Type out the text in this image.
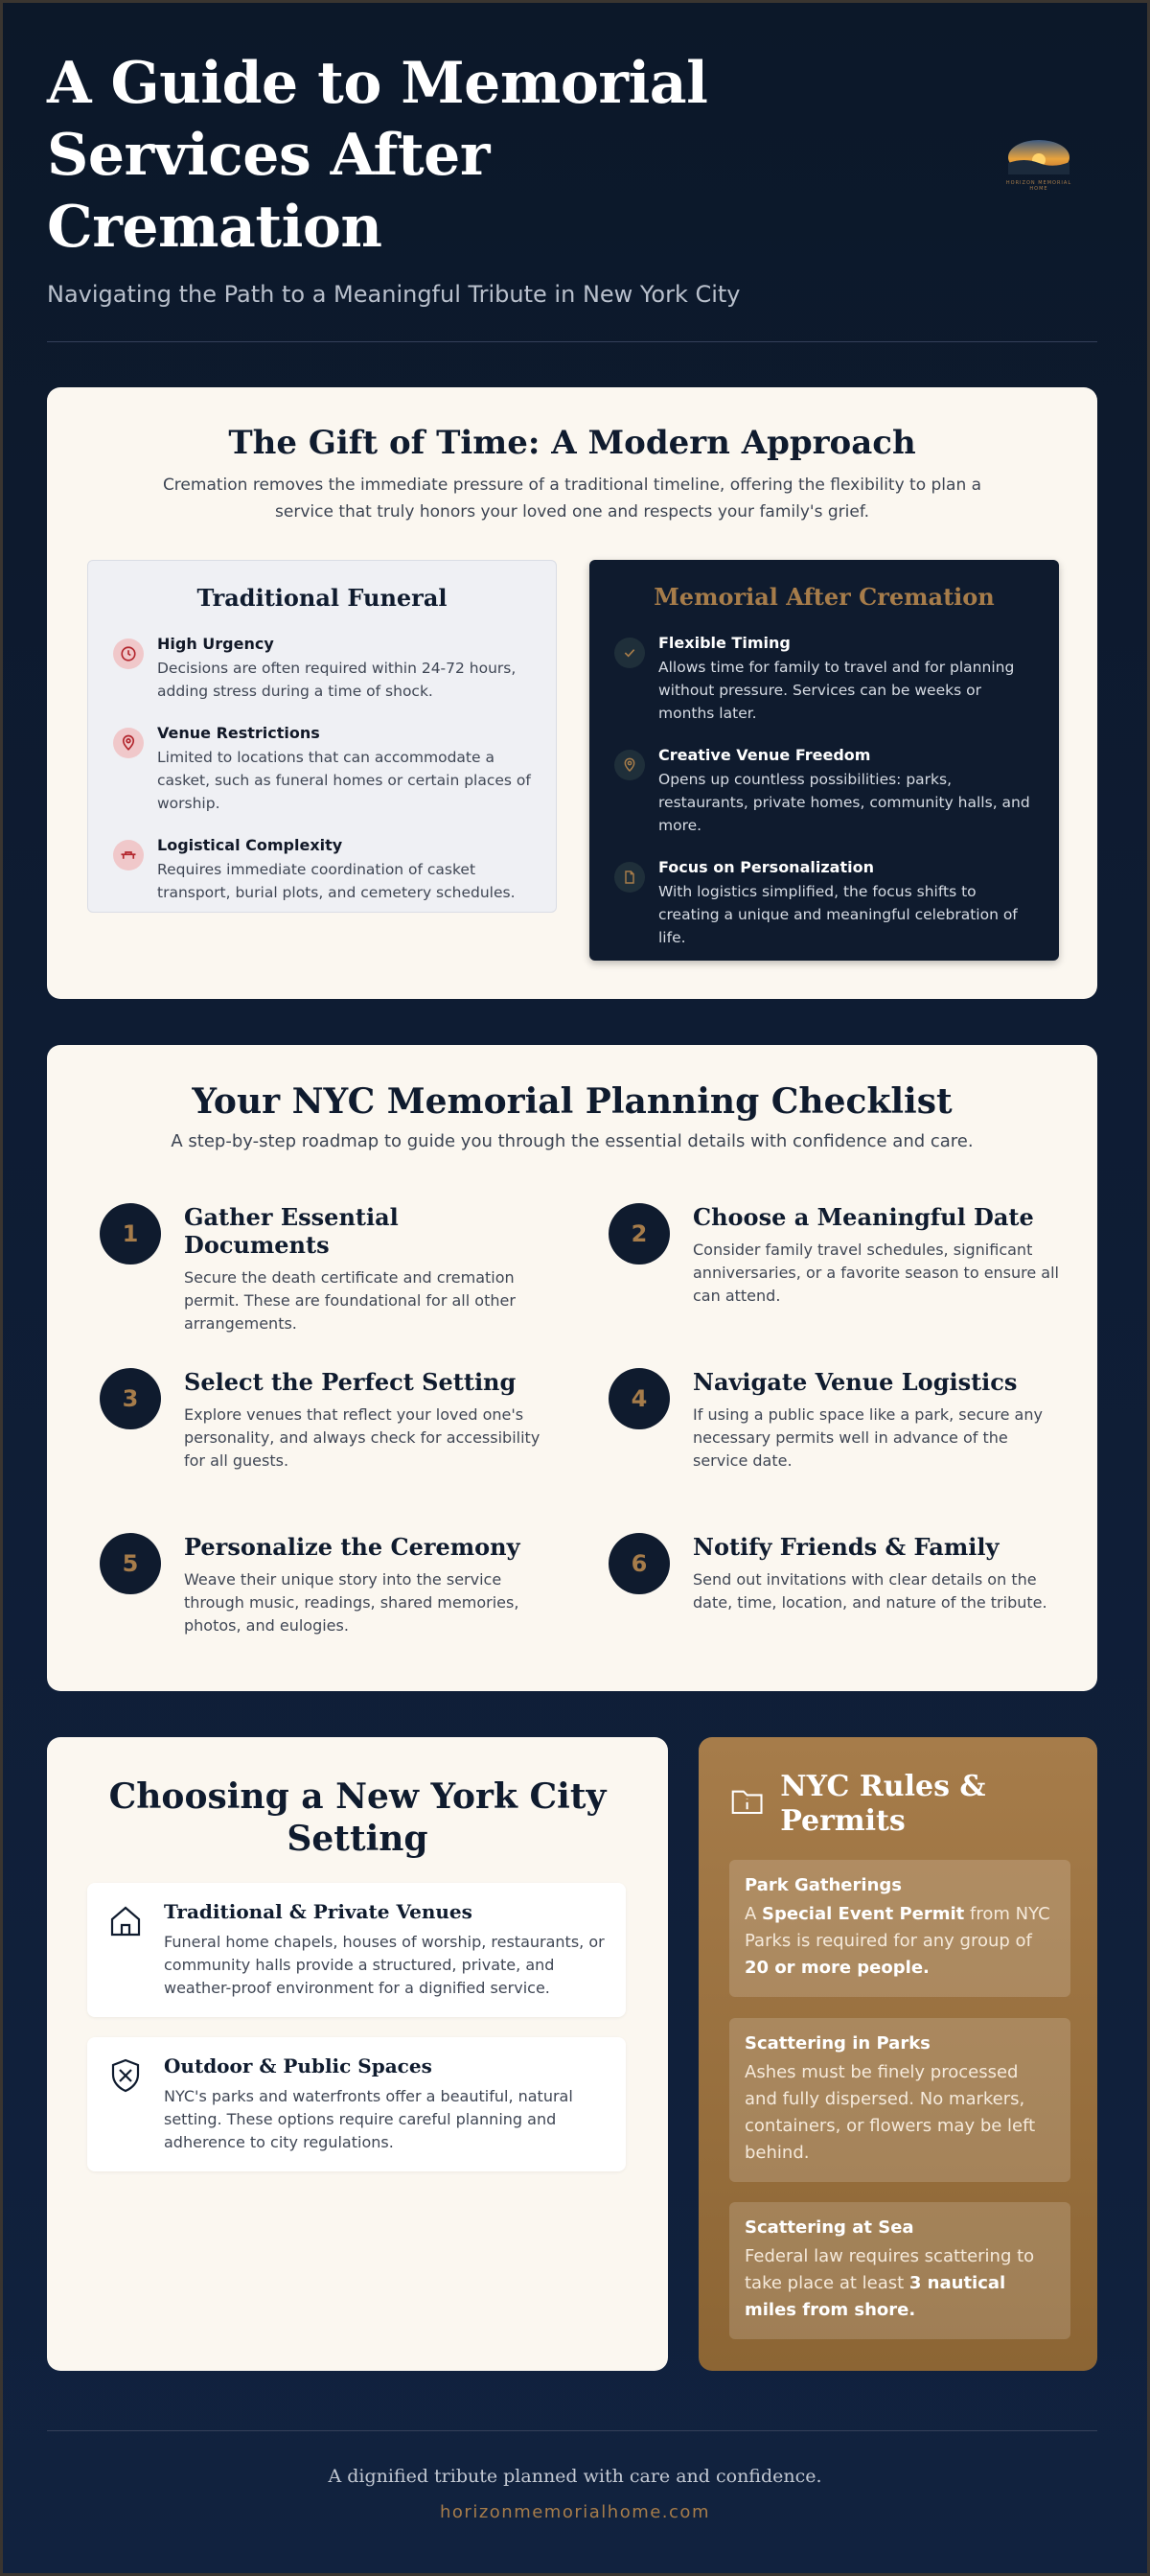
A Guide to Memorial Services After Cremation
Navigating the Path to a Meaningful Tribute in New York City
HORIZON MEMORIAL HOME
The Gift of Time: A Modern Approach

Cremation removes the immediate pressure of a traditional timeline, offering the flexibility to plan a service that truly honors your loved one and respects your family's grief.

Traditional Funeral
High Urgency
Decisions are often required within 24-72 hours, adding stress during a time of shock.
Venue Restrictions
Limited to locations that can accommodate a casket, such as funeral homes or certain places of worship.
Logistical Complexity
Requires immediate coordination of casket transport, burial plots, and cemetery schedules.
Memorial After Cremation
Flexible Timing
Allows time for family to travel and for planning without pressure. Services can be weeks or months later.
Creative Venue Freedom
Opens up countless possibilities: parks, restaurants, private homes, community halls, and more.
Focus on Personalization
With logistics simplified, the focus shifts to creating a unique and meaningful celebration of life.
Your NYC Memorial Planning Checklist

A step-by-step roadmap to guide you through the essential details with confidence and care.

1
Gather Essential Documents

Secure the death certificate and cremation permit. These are foundational for all other arrangements.

2
Choose a Meaningful Date

Consider family travel schedules, significant anniversaries, or a favorite season to ensure all can attend.

3
Select the Perfect Setting

Explore venues that reflect your loved one's personality, and always check for accessibility for all guests.

4
Navigate Venue Logistics

If using a public space like a park, secure any necessary permits well in advance of the service date.

5
Personalize the Ceremony

Weave their unique story into the service through music, readings, shared memories, photos, and eulogies.

6
Notify Friends & Family

Send out invitations with clear details on the date, time, location, and nature of the tribute.

Choosing a New York City Setting
Traditional & Private Venues

Funeral home chapels, houses of worship, restaurants, or community halls provide a structured, private, and weather-proof environment for a dignified service.

Outdoor & Public Spaces

NYC's parks and waterfronts offer a beautiful, natural setting. These options require careful planning and adherence to city regulations.

NYC Rules & Permits
Park Gatherings
A Special Event Permit from NYC Parks is required for any group of 20 or more people.
Scattering in Parks
Ashes must be finely processed and fully dispersed. No markers, containers, or flowers may be left behind.
Scattering at Sea
Federal law requires scattering to take place at least 3 nautical miles from shore.
A dignified tribute planned with care and confidence.
horizonmemorialhome.com
